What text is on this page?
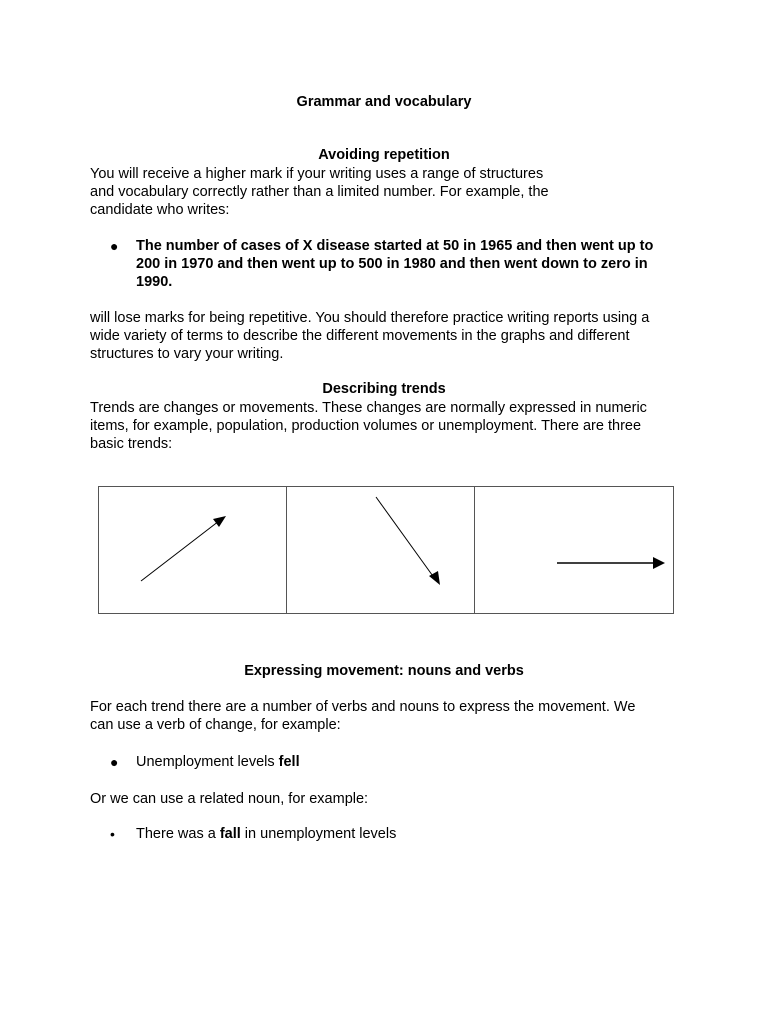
Grammar and vocabulary
Avoiding repetition
You will receive a higher mark if your writing uses a range of structures
and vocabulary correctly rather than a limited number. For example, the
candidate who writes:
●	The number of cases of X disease started at 50 in 1965 and then went up to
200 in 1970 and then went up to 500 in 1980 and then went down to zero in
1990.
will lose marks for being repetitive. You should therefore practice writing reports using a
wide variety of terms to describe the different movements in the graphs and different
structures to vary your writing.
Describing trends
Trends are changes or movements. These changes are normally expressed in numeric
items, for example, population, production volumes or unemployment. There are three
basic trends:
Expressing movement: nouns and verbs
For each trend there are a number of verbs and nouns to express the movement. We
can use a verb of change, for example:
●	Unemployment levels fell
Or we can use a related noun, for example:
•	There was a fall in unemployment levels
